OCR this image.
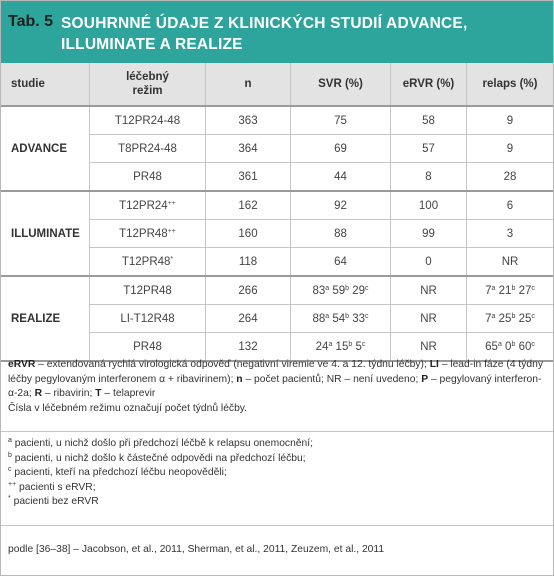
Tab. 5 SOUHRNNÉ ÚDAJE Z KLINICKÝCH STUDIÍ ADVANCE, ILLUMINATE A REALIZE
studie	léčebný režim	n	SVR (%)	eRVR (%)	relaps (%)
ADVANCE	T12PR24-48	363	75	58	9
	T8PR24-48	364	69	57	9
	PR48	361	44	8	28
ILLUMINATE	T12PR24++	162	92	100	6
	T12PR48++	160	88	99	3
	T12PR48*	118	64	0	NR
REALIZE	T12PR48	266	83$^a$ 59$^b$ 29$^c$	NR	7$^a$ 21$^b$ 27$^c$
	LI-T12R48	264	88$^a$ 54$^b$ 33$^c$	NR	7$^a$ 25$^b$ 25$^c$
	PR48	132	24$^a$ 15$^b$ 5$^c$	NR	65$^a$ 0$^b$ 60$^c$
eRVR – extendovaná rychlá virologická odpověď (negativní viremie ve 4. a 12. týdnu léčby); LI – lead-in fáze (4 týdny léčby pegylovaným interferonem α + ribavirinem); n – počet pacientů; NR – není uvedeno; P – pegylovaný interferon-α-2a; R – ribavirin; T – telaprevir
Čísla v léčebném režimu označují počet týdnů léčby.
$^a$ pacienti, u nichž došlo při předchozí léčbě k relapsu onemocnění;
$^b$ pacienti, u nichž došlo k částečné odpovědi na předchozí léčbu;
$^c$ pacienti, kteří na předchozí léčbu neopověděli;
++ pacienti s eRVR;
* pacienti bez eRVR
podle [36–38] – Jacobson, et al., 2011, Sherman, et al., 2011, Zeuzem, et al., 2011
